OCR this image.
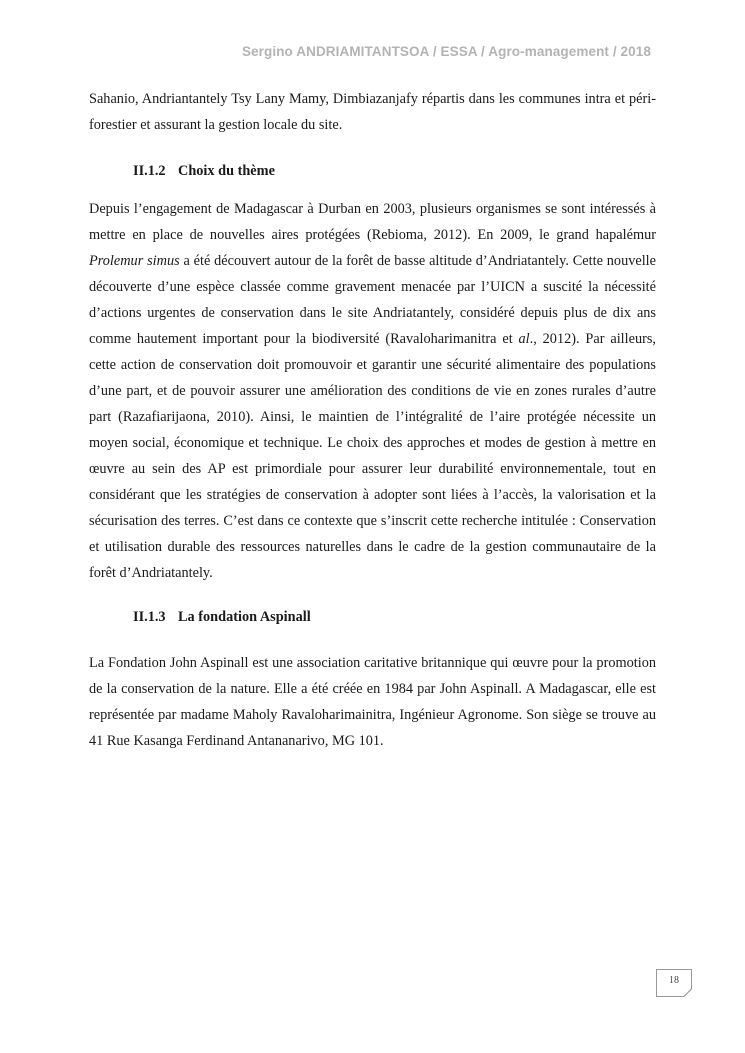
Sergino ANDRIAMITANTSOA / ESSA / Agro-management / 2018

Sahanio, Andriantantely Tsy Lany Mamy, Dimbiazanjafy répartis dans les communes intra et péri-forestier et assurant la gestion locale du site.

II.1.2 Choix du thème

Depuis l’engagement de Madagascar à Durban en 2003, plusieurs organismes se sont intéressés à mettre en place de nouvelles aires protégées (Rebioma, 2012). En 2009, le grand hapalémur Prolemur simus a été découvert autour de la forêt de basse altitude d’Andriatantely. Cette nouvelle découverte d’une espèce classée comme gravement menacée par l’UICN a suscité la nécessité d’actions urgentes de conservation dans le site Andriatantely, considéré depuis plus de dix ans comme hautement important pour la biodiversité (Ravaloharimanitra et al., 2012). Par ailleurs, cette action de conservation doit promouvoir et garantir une sécurité alimentaire des populations d’une part, et de pouvoir assurer une amélioration des conditions de vie en zones rurales d’autre part (Razafiarijaona, 2010). Ainsi, le maintien de l’intégralité de l’aire protégée nécessite un moyen social, économique et technique. Le choix des approches et modes de gestion à mettre en œuvre au sein des AP est primordiale pour assurer leur durabilité environnementale, tout en considérant que les stratégies de conservation à adopter sont liées à l’accès, la valorisation et la sécurisation des terres. C’est dans ce contexte que s’inscrit cette recherche intitulée : Conservation et utilisation durable des ressources naturelles dans le cadre de la gestion communautaire de la forêt d’Andriatantely.

II.1.3 La fondation Aspinall

La Fondation John Aspinall est une association caritative britannique qui œuvre pour la promotion de la conservation de la nature. Elle a été créée en 1984 par John Aspinall. A Madagascar, elle est représentée par madame Maholy Ravaloharimainitra, Ingénieur Agronome. Son siège se trouve au 41 Rue Kasanga Ferdinand Antananarivo, MG 101.

18
